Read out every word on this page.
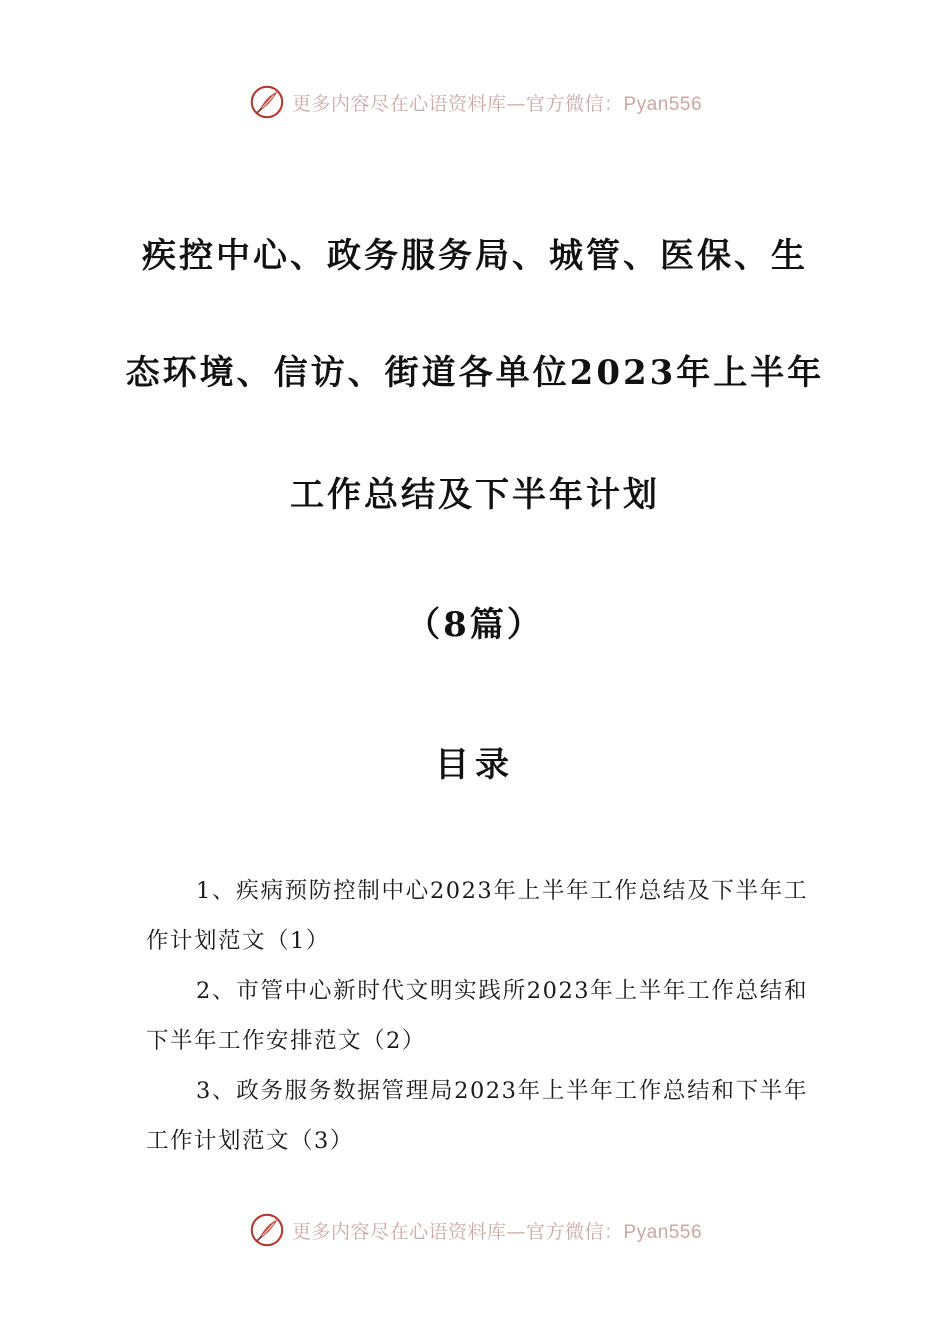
更多内容尽在心语资料库—官方微信：Pyan556
疾控中心、政务服务局、城管、医保、生
态环境、信访、街道各单位2023年上半年
工作总结及下半年计划
（8篇）
目录

1、疾病预防控制中心2023年上半年工作总结及下半年工作计划范文（1）

2、市管中心新时代文明实践所2023年上半年工作总结和下半年工作安排范文（2）

3、政务服务数据管理局2023年上半年工作总结和下半年工作计划范文（3）

更多内容尽在心语资料库—官方微信：Pyan556
